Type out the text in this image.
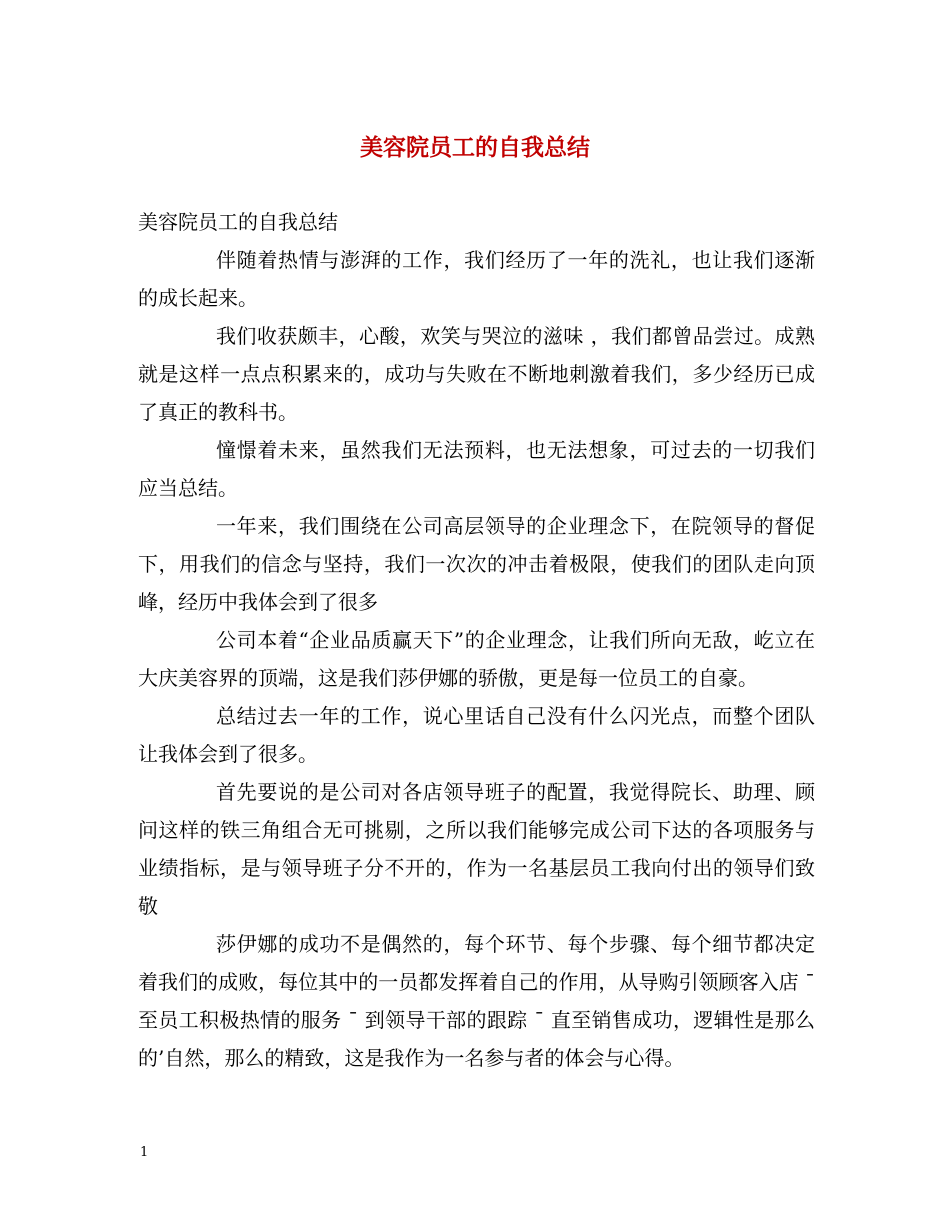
美容院员工的自我总结

美容院员工的自我总结

伴随着热情与澎湃的工作，我们经历了一年的洗礼，也让我们逐渐的成长起来。

我们收获颇丰，心酸，欢笑与哭泣的滋味 ，我们都曾品尝过。成熟就是这样一点点积累来的，成功与失败在不断地刺激着我们，多少经历已成了真正的教科书。

憧憬着未来，虽然我们无法预料，也无法想象，可过去的一切我们应当总结。

一年来，我们围绕在公司高层领导的企业理念下，在院领导的督促下，用我们的信念与坚持，我们一次次的冲击着极限，使我们的团队走向顶峰，经历中我体会到了很多

公司本着“企业品质赢天下”的企业理念，让我们所向无敌，屹立在大庆美容界的顶端，这是我们莎伊娜的骄傲，更是每一位员工的自豪。

总结过去一年的工作，说心里话自己没有什么闪光点，而整个团队让我体会到了很多。

首先要说的是公司对各店领导班子的配置，我觉得院长、助理、顾问这样的铁三角组合无可挑剔，之所以我们能够完成公司下达的各项服务与业绩指标，是与领导班子分不开的，作为一名基层员工我向付出的领导们致敬

莎伊娜的成功不是偶然的，每个环节、每个步骤、每个细节都决定着我们的成败，每位其中的一员都发挥着自己的作用，从导购引领顾客入店 ˉ 至员工积极热情的服务 ˉ 到领导干部的跟踪 ˉ 直至销售成功，逻辑性是那么的’自然，那么的精致，这是我作为一名参与者的体会与心得。

1
